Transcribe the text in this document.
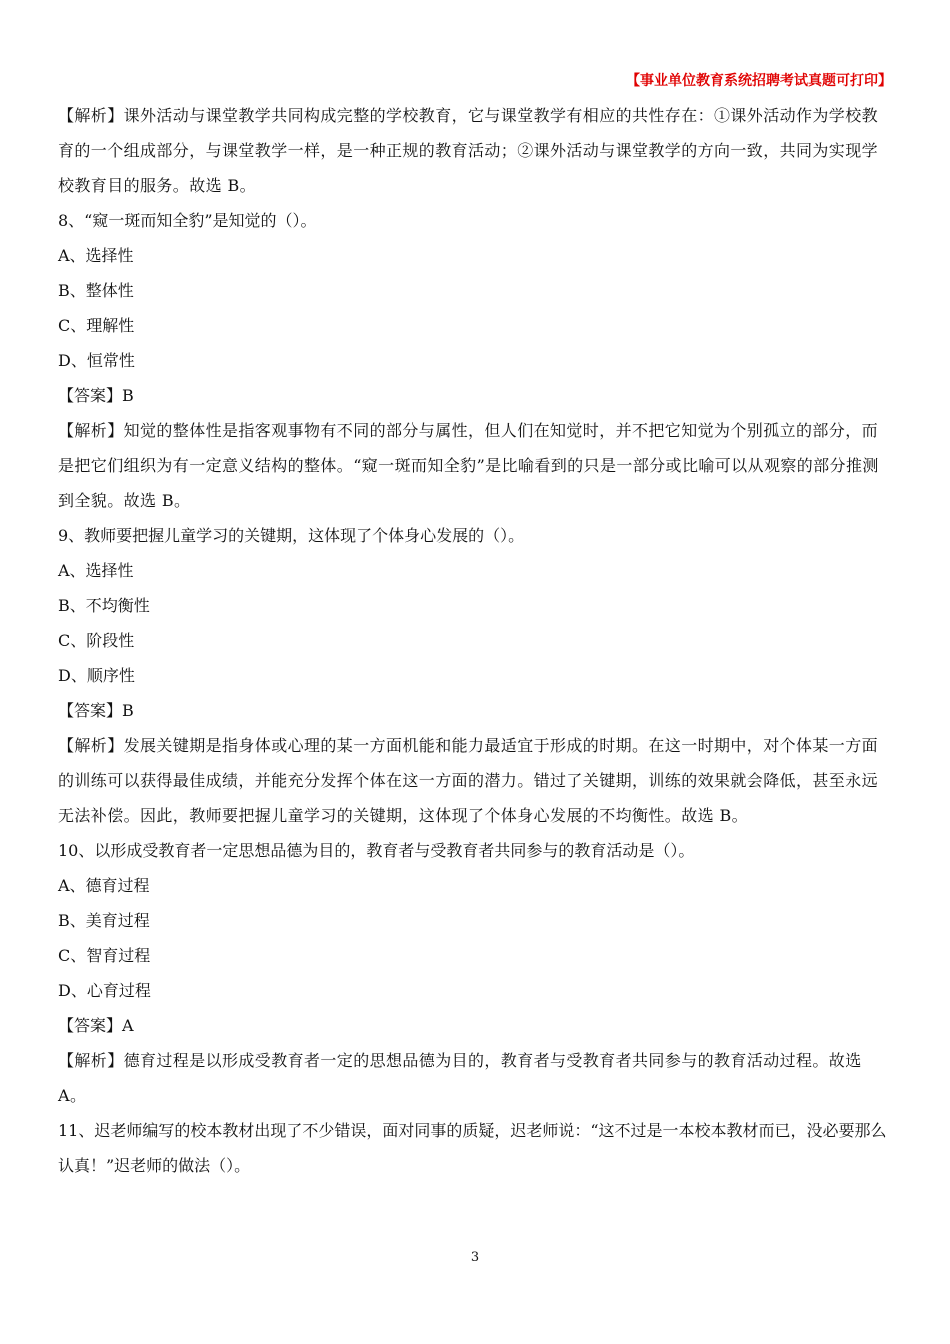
【事业单位教育系统招聘考试真题可打印】

【解析】课外活动与课堂教学共同构成完整的学校教育，它与课堂教学有相应的共性存在：①课外活动作为学校教育的一个组成部分，与课堂教学一样，是一种正规的教育活动；②课外活动与课堂教学的方向一致，共同为实现学校教育目的服务。故选 B。

8、“窥一斑而知全豹”是知觉的（）。

A、选择性

B、整体性

C、理解性

D、恒常性

【答案】B

【解析】知觉的整体性是指客观事物有不同的部分与属性，但人们在知觉时，并不把它知觉为个别孤立的部分，而是把它们组织为有一定意义结构的整体。“窥一斑而知全豹”是比喻看到的只是一部分或比喻可以从观察的部分推测到全貌。故选 B。

9、教师要把握儿童学习的关键期，这体现了个体身心发展的（）。

A、选择性

B、不均衡性

C、阶段性

D、顺序性

【答案】B

【解析】发展关键期是指身体或心理的某一方面机能和能力最适宜于形成的时期。在这一时期中，对个体某一方面的训练可以获得最佳成绩，并能充分发挥个体在这一方面的潜力。错过了关键期，训练的效果就会降低，甚至永远无法补偿。因此，教师要把握儿童学习的关键期，这体现了个体身心发展的不均衡性。故选 B。

10、以形成受教育者一定思想品德为目的，教育者与受教育者共同参与的教育活动是（）。

A、德育过程

B、美育过程

C、智育过程

D、心育过程

【答案】A

【解析】德育过程是以形成受教育者一定的思想品德为目的，教育者与受教育者共同参与的教育活动过程。故选 A。

11、迟老师编写的校本教材出现了不少错误，面对同事的质疑，迟老师说：“这不过是一本校本教材而已，没必要那么认真！”迟老师的做法（）。

3
